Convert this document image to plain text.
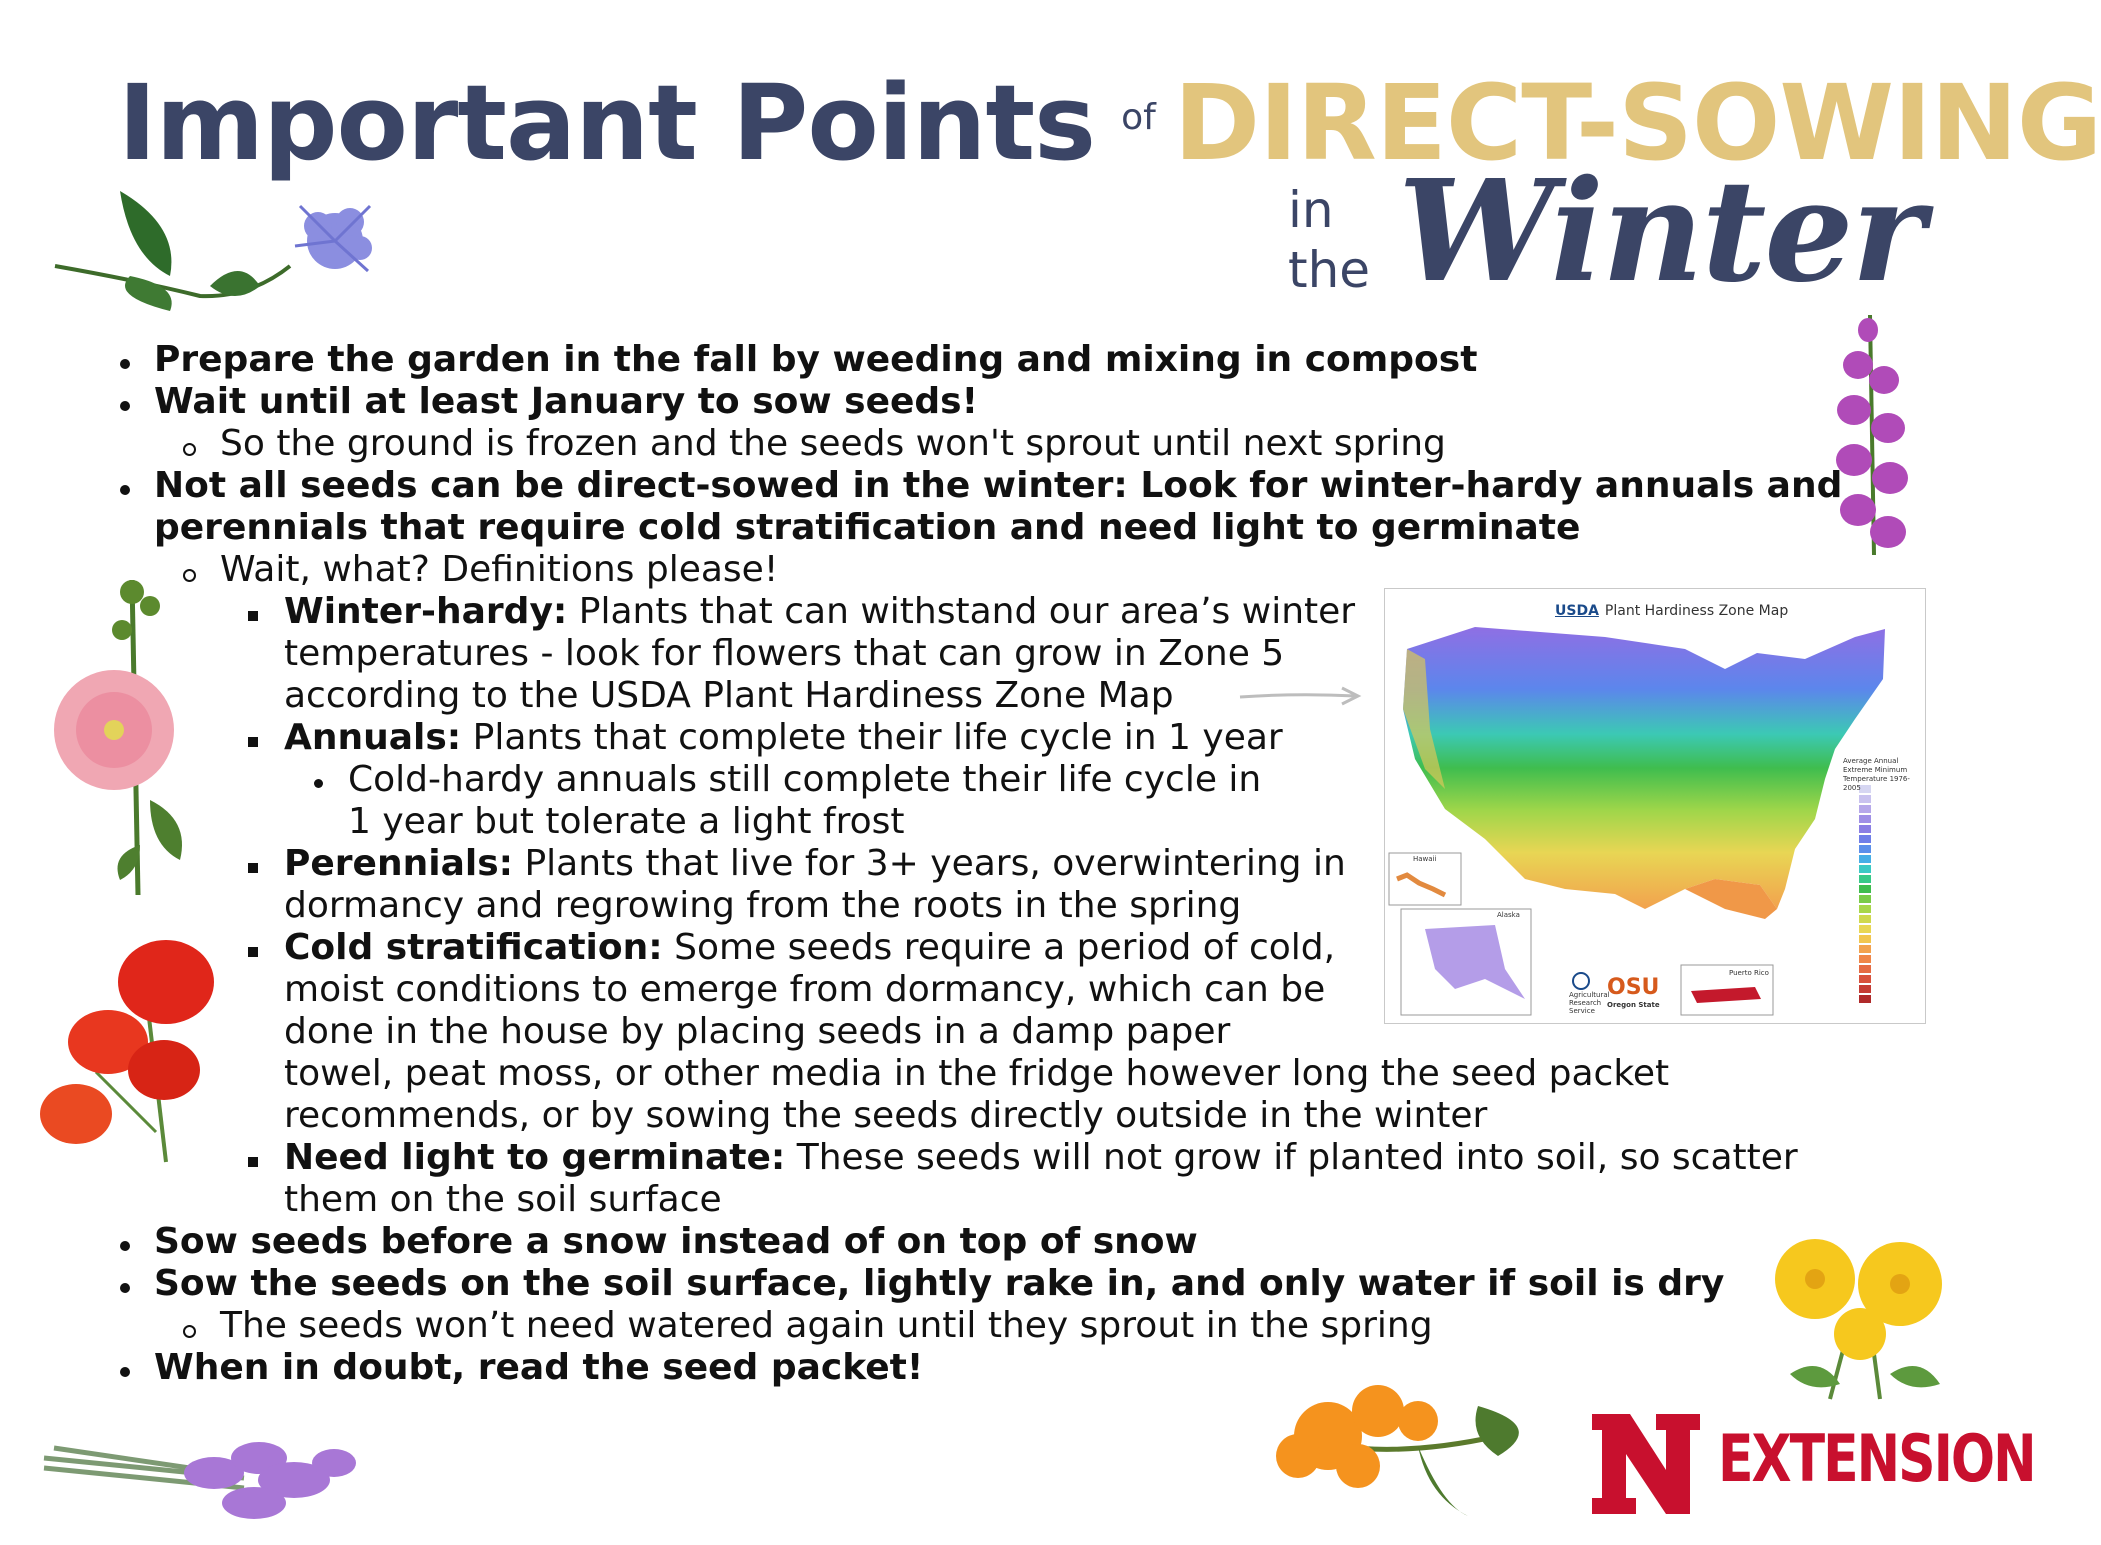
Important Points of DIRECT-SOWING
in
the Winter
Prepare the garden in the fall by weeding and mixing in compost
Wait until at least January to sow seeds!
So the ground is frozen and the seeds won't sprout until next spring
Not all seeds can be direct-sowed in the winter: Look for winter-hardy annuals and
perennials that require cold stratification and need light to germinate
Wait, what? Definitions please!
Winter-hardy: Plants that can withstand our area’s winter
temperatures - look for flowers that can grow in Zone 5
according to the USDA Plant Hardiness Zone Map
Annuals: Plants that complete their life cycle in 1 year
Cold-hardy annuals still complete their life cycle in
1 year but tolerate a light frost
Perennials: Plants that live for 3+ years, overwintering in
dormancy and regrowing from the roots in the spring
Cold stratification: Some seeds require a period of cold,
moist conditions to emerge from dormancy, which can be
done in the house by placing seeds in a damp paper
towel, peat moss, or other media in the fridge however long the seed packet
recommends, or by sowing the seeds directly outside in the winter
Need light to germinate: These seeds will not grow if planted into soil, so scatter
them on the soil surface
Sow seeds before a snow instead of on top of snow
Sow the seeds on the soil surface, lightly rake in, and only water if soil is dry
The seeds won’t need watered again until they sprout in the spring
When in doubt, read the seed packet!
USDA Plant Hardiness Zone Map
Average Annual Extreme Minimum Temperature 1976-2005
Hawaii
Alaska
Puerto Rico
Agricultural Research Service
OSU
Oregon State
EXTENSION
